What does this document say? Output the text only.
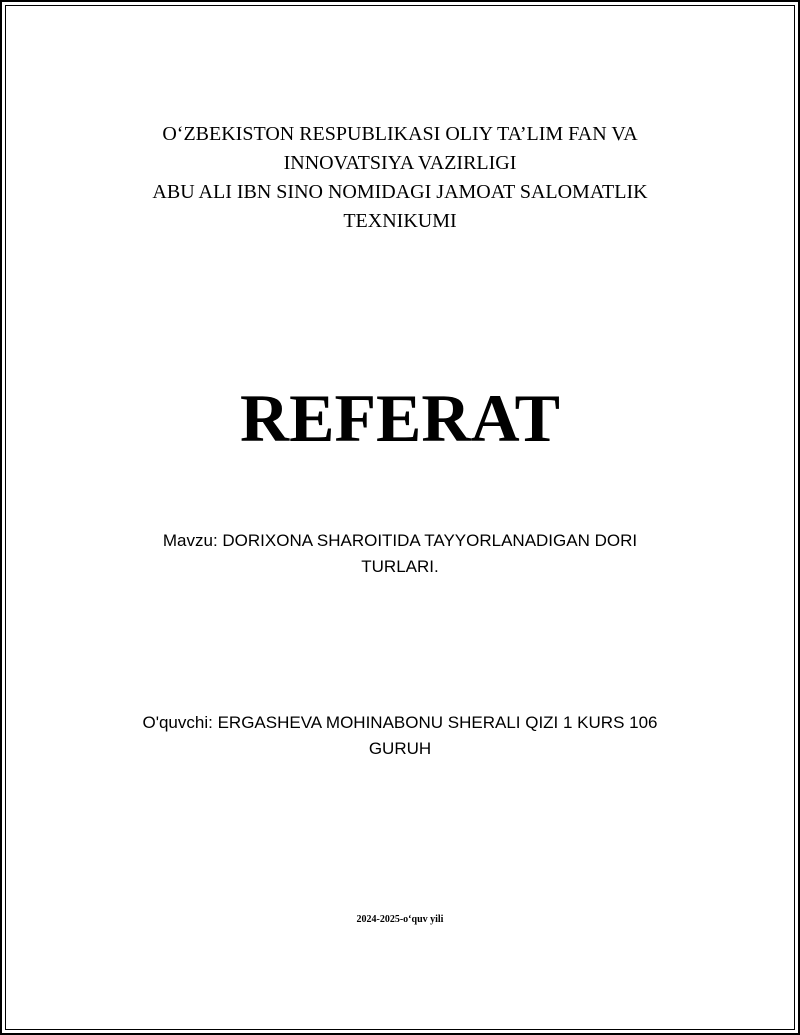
O‘ZBEKISTON RESPUBLIKASI OLIY TA’LIM FAN VA
INNOVATSIYA VAZIRLIGI
ABU ALI IBN SINO NOMIDAGI JAMOAT SALOMATLIK
TEXNIKUMI
REFERAT

Mavzu: DORIXONA SHAROITIDA TAYYORLANADIGAN DORI TURLARI.

O'quvchi: ERGASHEVA MOHINABONU SHERALI QIZI 1 KURS 106 GURUH

2024-2025-o‘quv yili
